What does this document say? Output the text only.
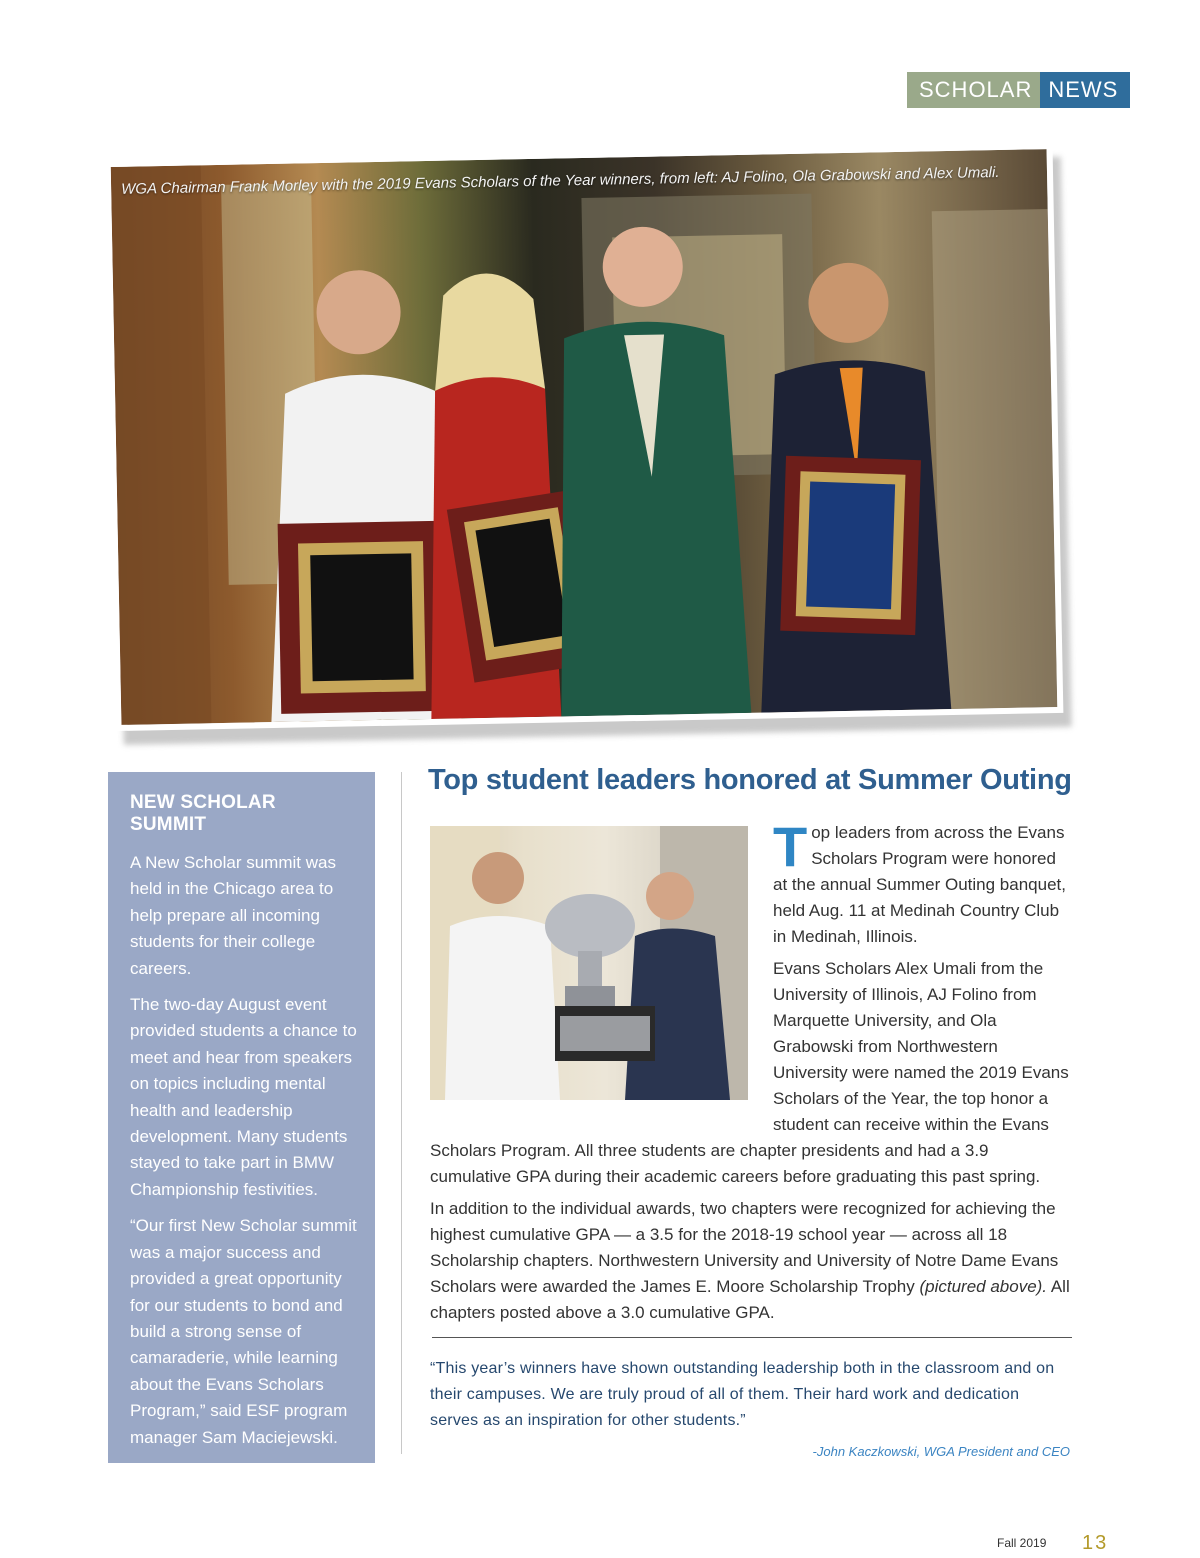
SCHOLAR NEWS
WGA Chairman Frank Morley with the 2019 Evans Scholars of the Year winners, from left: AJ Folino, Ola Grabowski and Alex Umali.
NEW SCHOLAR SUMMIT

A New Scholar summit was held in the Chicago area to help prepare all incoming students for their college careers.

The two-day August event provided students a chance to meet and hear from speakers on topics including mental health and leadership development. Many students stayed to take part in BMW Championship festivities.

“Our first New Scholar summit was a major success and provided a great opportunity for our students to bond and build a strong sense of camaraderie, while learning about the Evans Scholars Program,” said ESF program manager Sam Maciejewski.

Top student leaders honored at Summer Outing

Top leaders from across the Evans Scholars Program were honored at the annual Summer Outing banquet, held Aug. 11 at Medinah Country Club in Medinah, Illinois.

Evans Scholars Alex Umali from the University of Illinois, AJ Folino from Marquette University, and Ola Grabowski from Northwestern University were named the 2019 Evans Scholars of the Year, the top honor a student can receive within the Evans Scholars Program. All three students are chapter presidents and had a 3.9 cumulative GPA during their academic careers before graduating this past spring.

In addition to the individual awards, two chapters were recognized for achieving the highest cumulative GPA — a 3.5 for the 2018-19 school year — across all 18 Scholarship chapters. Northwestern University and University of Notre Dame Evans Scholars were awarded the James E. Moore Scholarship Trophy (pictured above). All chapters posted above a 3.0 cumulative GPA.

“This year’s winners have shown outstanding leadership both in the classroom and on their campuses. We are truly proud of all of them. Their hard work and dedication serves as an inspiration for other students.”

-John Kaczkowski, WGA President and CEO
Fall 2019 13
